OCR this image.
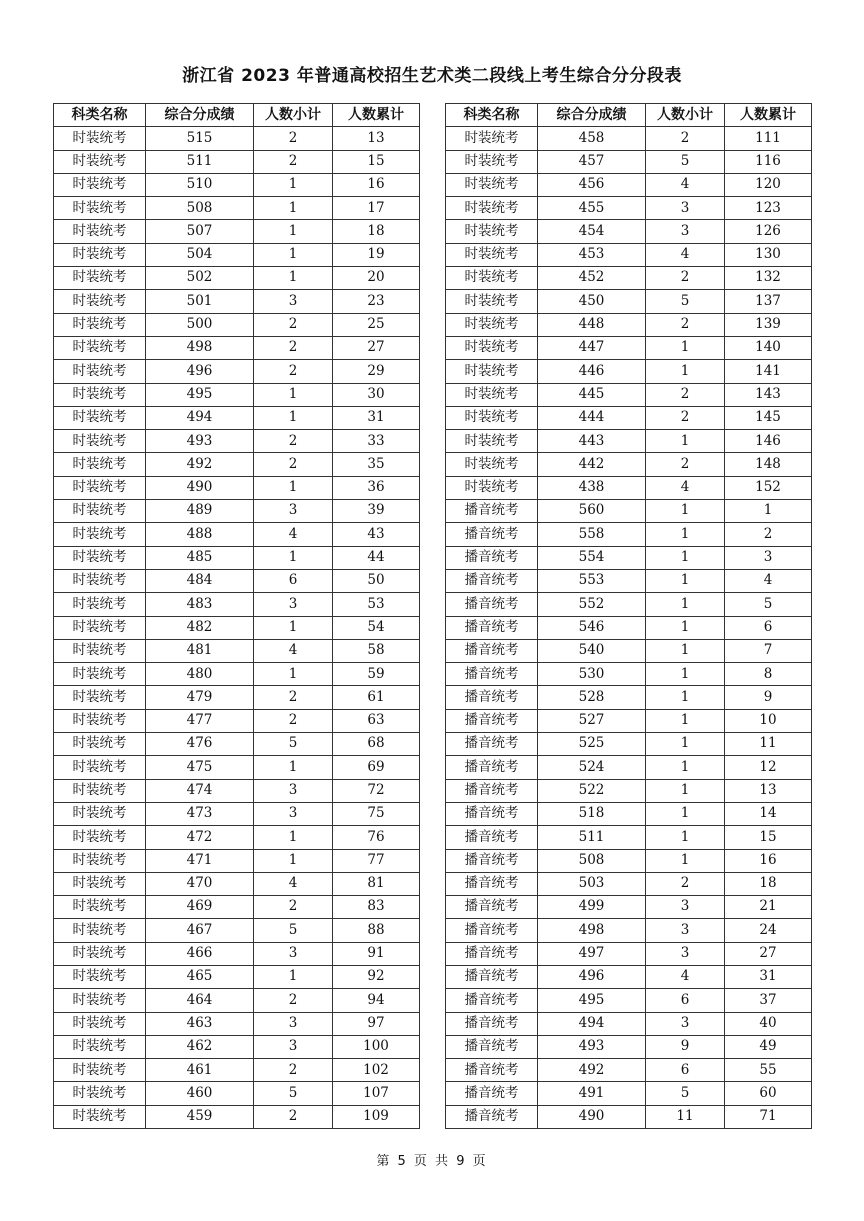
浙江省 2023 年普通高校招生艺术类二段线上考生综合分分段表
科类名称	综合分成绩	人数小计	人数累计
时装统考	515	2	13
时装统考	511	2	15
时装统考	510	1	16
时装统考	508	1	17
时装统考	507	1	18
时装统考	504	1	19
时装统考	502	1	20
时装统考	501	3	23
时装统考	500	2	25
时装统考	498	2	27
时装统考	496	2	29
时装统考	495	1	30
时装统考	494	1	31
时装统考	493	2	33
时装统考	492	2	35
时装统考	490	1	36
时装统考	489	3	39
时装统考	488	4	43
时装统考	485	1	44
时装统考	484	6	50
时装统考	483	3	53
时装统考	482	1	54
时装统考	481	4	58
时装统考	480	1	59
时装统考	479	2	61
时装统考	477	2	63
时装统考	476	5	68
时装统考	475	1	69
时装统考	474	3	72
时装统考	473	3	75
时装统考	472	1	76
时装统考	471	1	77
时装统考	470	4	81
时装统考	469	2	83
时装统考	467	5	88
时装统考	466	3	91
时装统考	465	1	92
时装统考	464	2	94
时装统考	463	3	97
时装统考	462	3	100
时装统考	461	2	102
时装统考	460	5	107
时装统考	459	2	109
科类名称	综合分成绩	人数小计	人数累计
时装统考	458	2	111
时装统考	457	5	116
时装统考	456	4	120
时装统考	455	3	123
时装统考	454	3	126
时装统考	453	4	130
时装统考	452	2	132
时装统考	450	5	137
时装统考	448	2	139
时装统考	447	1	140
时装统考	446	1	141
时装统考	445	2	143
时装统考	444	2	145
时装统考	443	1	146
时装统考	442	2	148
时装统考	438	4	152
播音统考	560	1	1
播音统考	558	1	2
播音统考	554	1	3
播音统考	553	1	4
播音统考	552	1	5
播音统考	546	1	6
播音统考	540	1	7
播音统考	530	1	8
播音统考	528	1	9
播音统考	527	1	10
播音统考	525	1	11
播音统考	524	1	12
播音统考	522	1	13
播音统考	518	1	14
播音统考	511	1	15
播音统考	508	1	16
播音统考	503	2	18
播音统考	499	3	21
播音统考	498	3	24
播音统考	497	3	27
播音统考	496	4	31
播音统考	495	6	37
播音统考	494	3	40
播音统考	493	9	49
播音统考	492	6	55
播音统考	491	5	60
播音统考	490	11	71
第 5 页 共 9 页
